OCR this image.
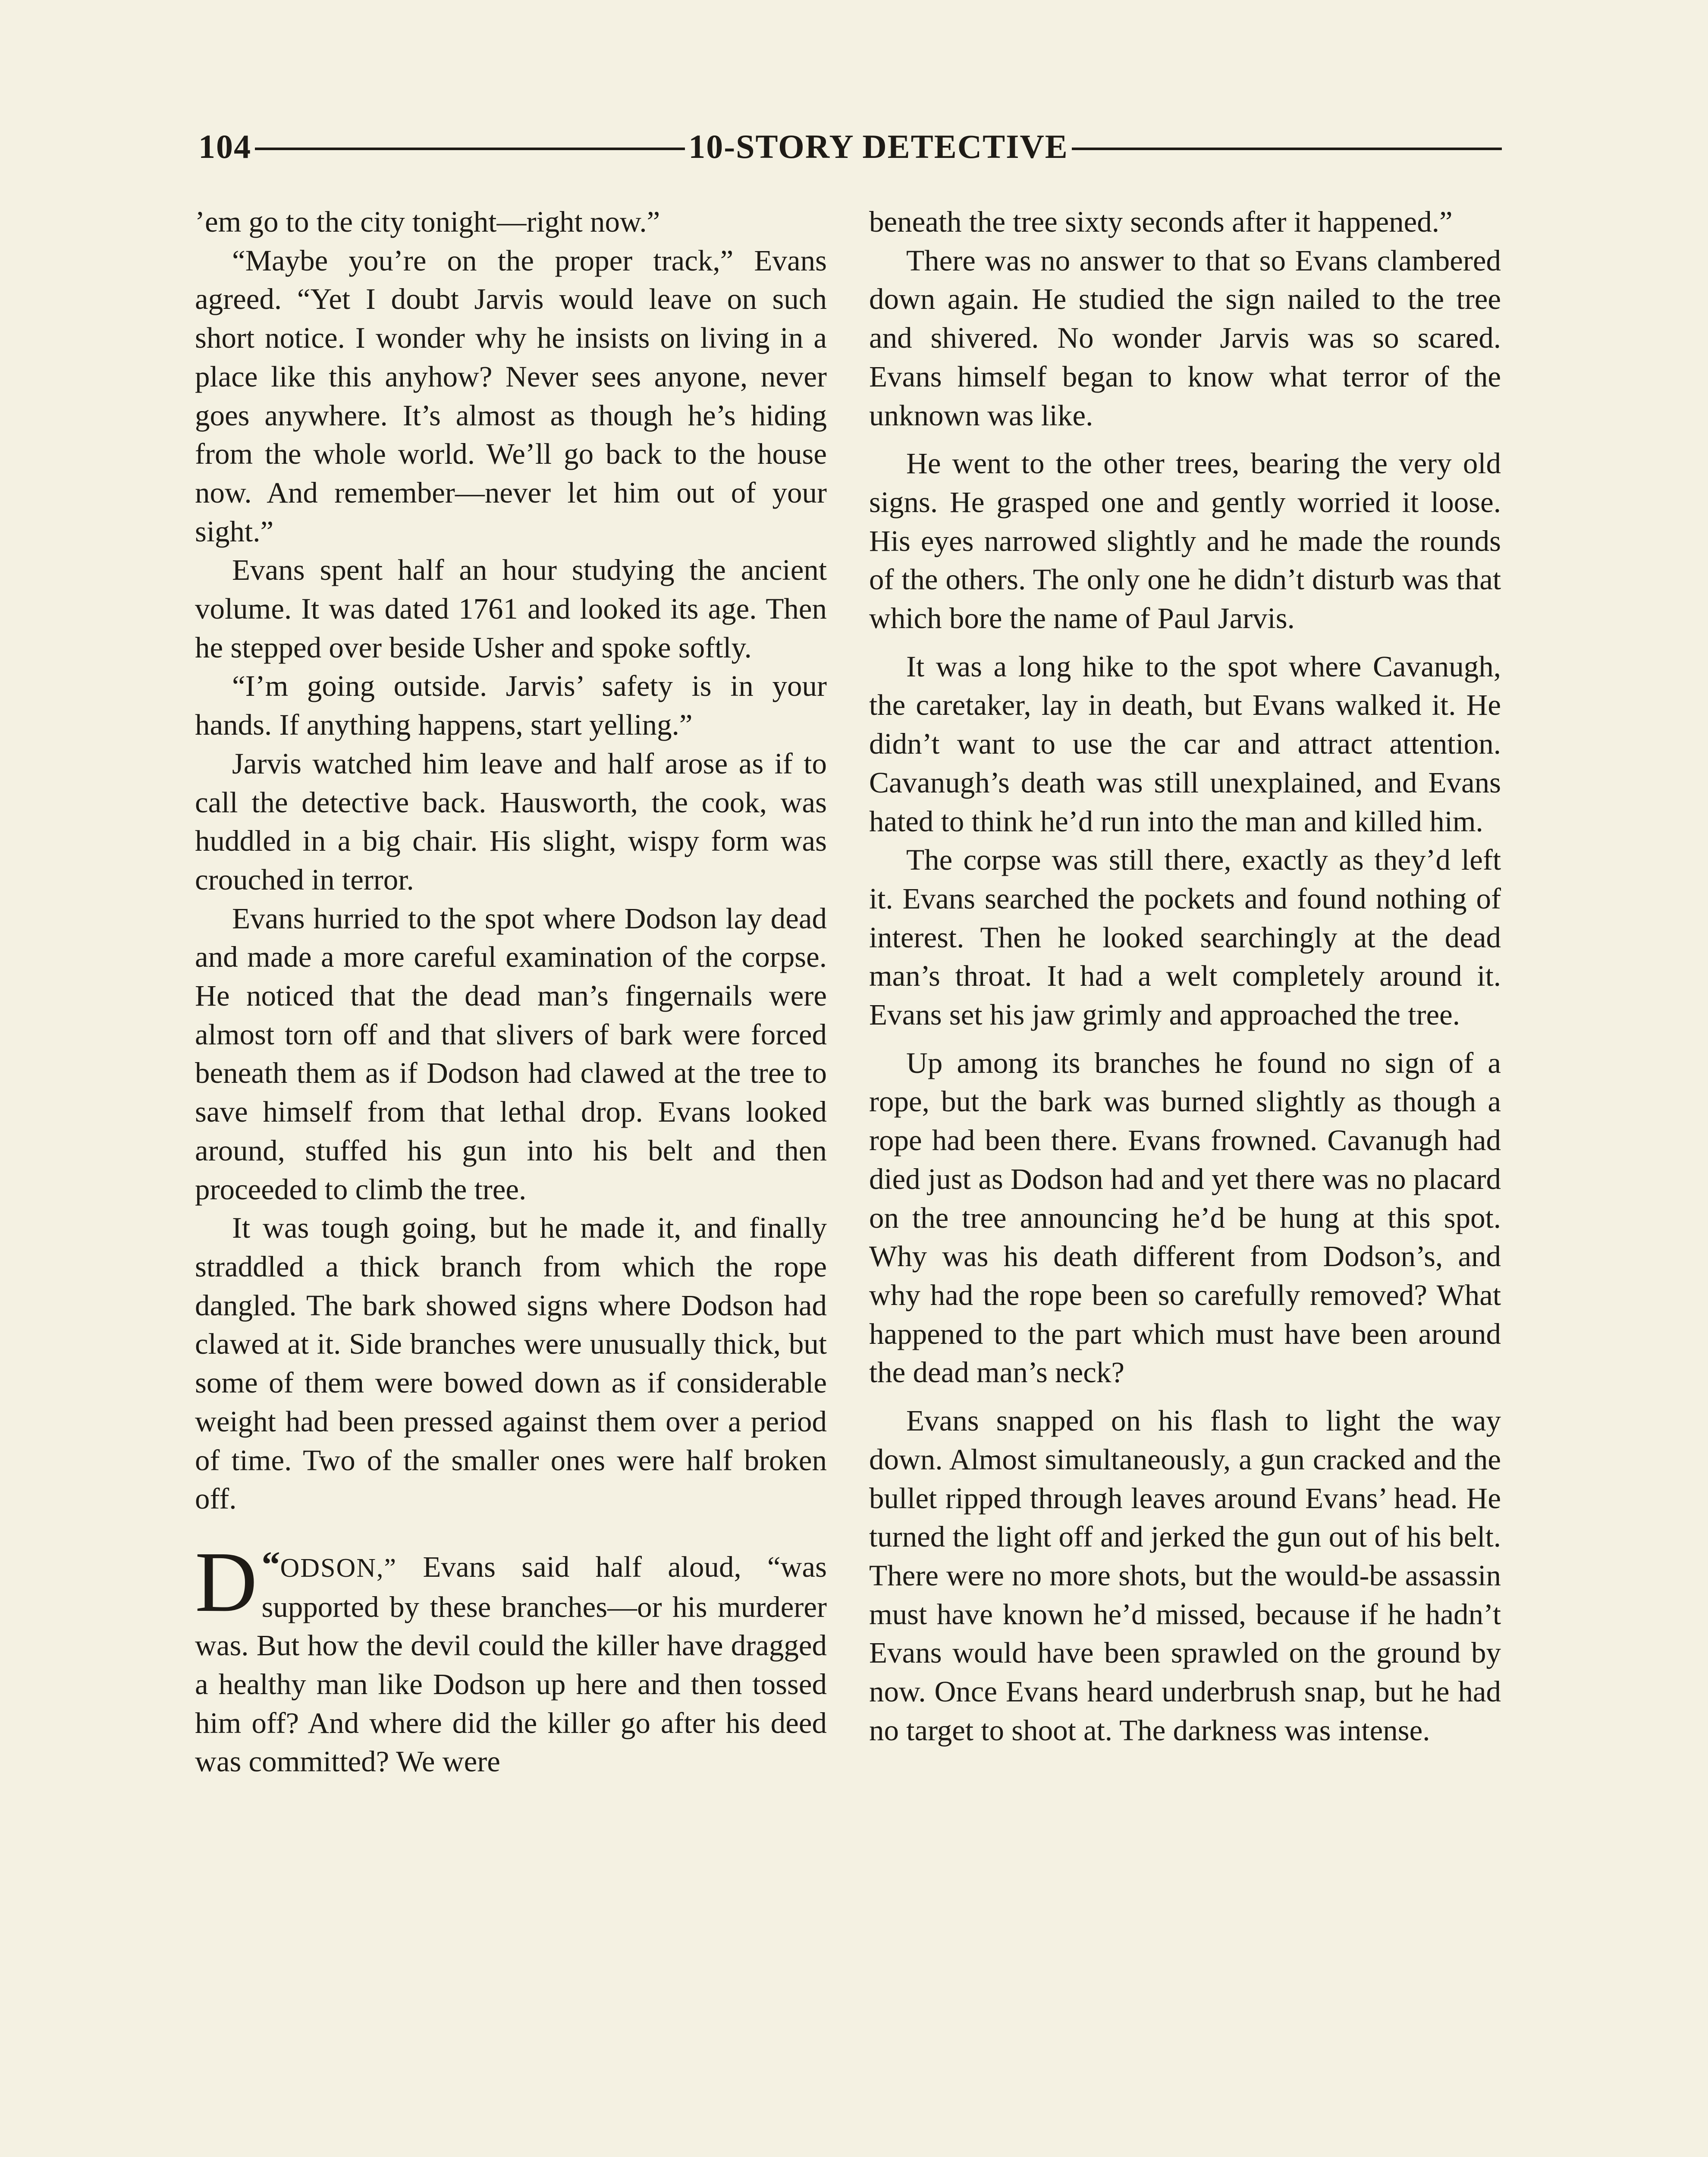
104	10-STORY DETECTIVE

’em go to the city tonight—right now.”

“Maybe you’re on the proper track,” Evans agreed. “Yet I doubt Jarvis would leave on such short notice. I wonder why he insists on living in a place like this anyhow? Never sees anyone, never goes anywhere. It’s almost as though he’s hiding from the whole world. We’ll go back to the house now. And remember—never let him out of your sight.”

Evans spent half an hour studying the ancient volume. It was dated 1761 and looked its age. Then he stepped over beside Usher and spoke softly.

“I’m going outside. Jarvis’ safety is in your hands. If anything happens, start yelling.”

Jarvis watched him leave and half arose as if to call the detective back. Hausworth, the cook, was huddled in a big chair. His slight, wispy form was crouched in terror.

Evans hurried to the spot where Dodson lay dead and made a more careful examination of the corpse. He noticed that the dead man’s fingernails were almost torn off and that slivers of bark were forced beneath them as if Dodson had clawed at the tree to save himself from that lethal drop. Evans looked around, stuffed his gun into his belt and then proceeded to climb the tree.

It was tough going, but he made it, and finally straddled a thick branch from which the rope dangled. The bark showed signs where Dodson had clawed at it. Side branches were unusually thick, but some of them were bowed down as if considerable weight had been pressed against them over a period of time. Two of the smaller ones were half broken off.

“
D ODSON,” Evans said half aloud, “was supported by these branches—or his murderer was. But how the devil could the killer have dragged a healthy man like Dodson up here and then tossed him off? And where did the killer go after his deed was committed? We were

beneath the tree sixty seconds after it happened.”

There was no answer to that so Evans clambered down again. He studied the sign nailed to the tree and shivered. No wonder Jarvis was so scared. Evans himself began to know what terror of the unknown was like.

He went to the other trees, bearing the very old signs. He grasped one and gently worried it loose. His eyes narrowed slightly and he made the rounds of the others. The only one he didn’t disturb was that which bore the name of Paul Jarvis.

It was a long hike to the spot where Cavanugh, the caretaker, lay in death, but Evans walked it. He didn’t want to use the car and attract attention. Cavanugh’s death was still unexplained, and Evans hated to think he’d run into the man and killed him.

The corpse was still there, exactly as they’d left it. Evans searched the pockets and found nothing of interest. Then he looked searchingly at the dead man’s throat. It had a welt completely around it. Evans set his jaw grimly and approached the tree.

Up among its branches he found no sign of a rope, but the bark was burned slightly as though a rope had been there. Evans frowned. Cavanugh had died just as Dodson had and yet there was no placard on the tree announcing he’d be hung at this spot. Why was his death different from Dodson’s, and why had the rope been so carefully removed? What happened to the part which must have been around the dead man’s neck?

Evans snapped on his flash to light the way down. Almost simultaneously, a gun cracked and the bullet ripped through leaves around Evans’ head. He turned the light off and jerked the gun out of his belt. There were no more shots, but the would-be assassin must have known he’d missed, because if he hadn’t Evans would have been sprawled on the ground by now. Once Evans heard underbrush snap, but he had no target to shoot at. The darkness was intense.
